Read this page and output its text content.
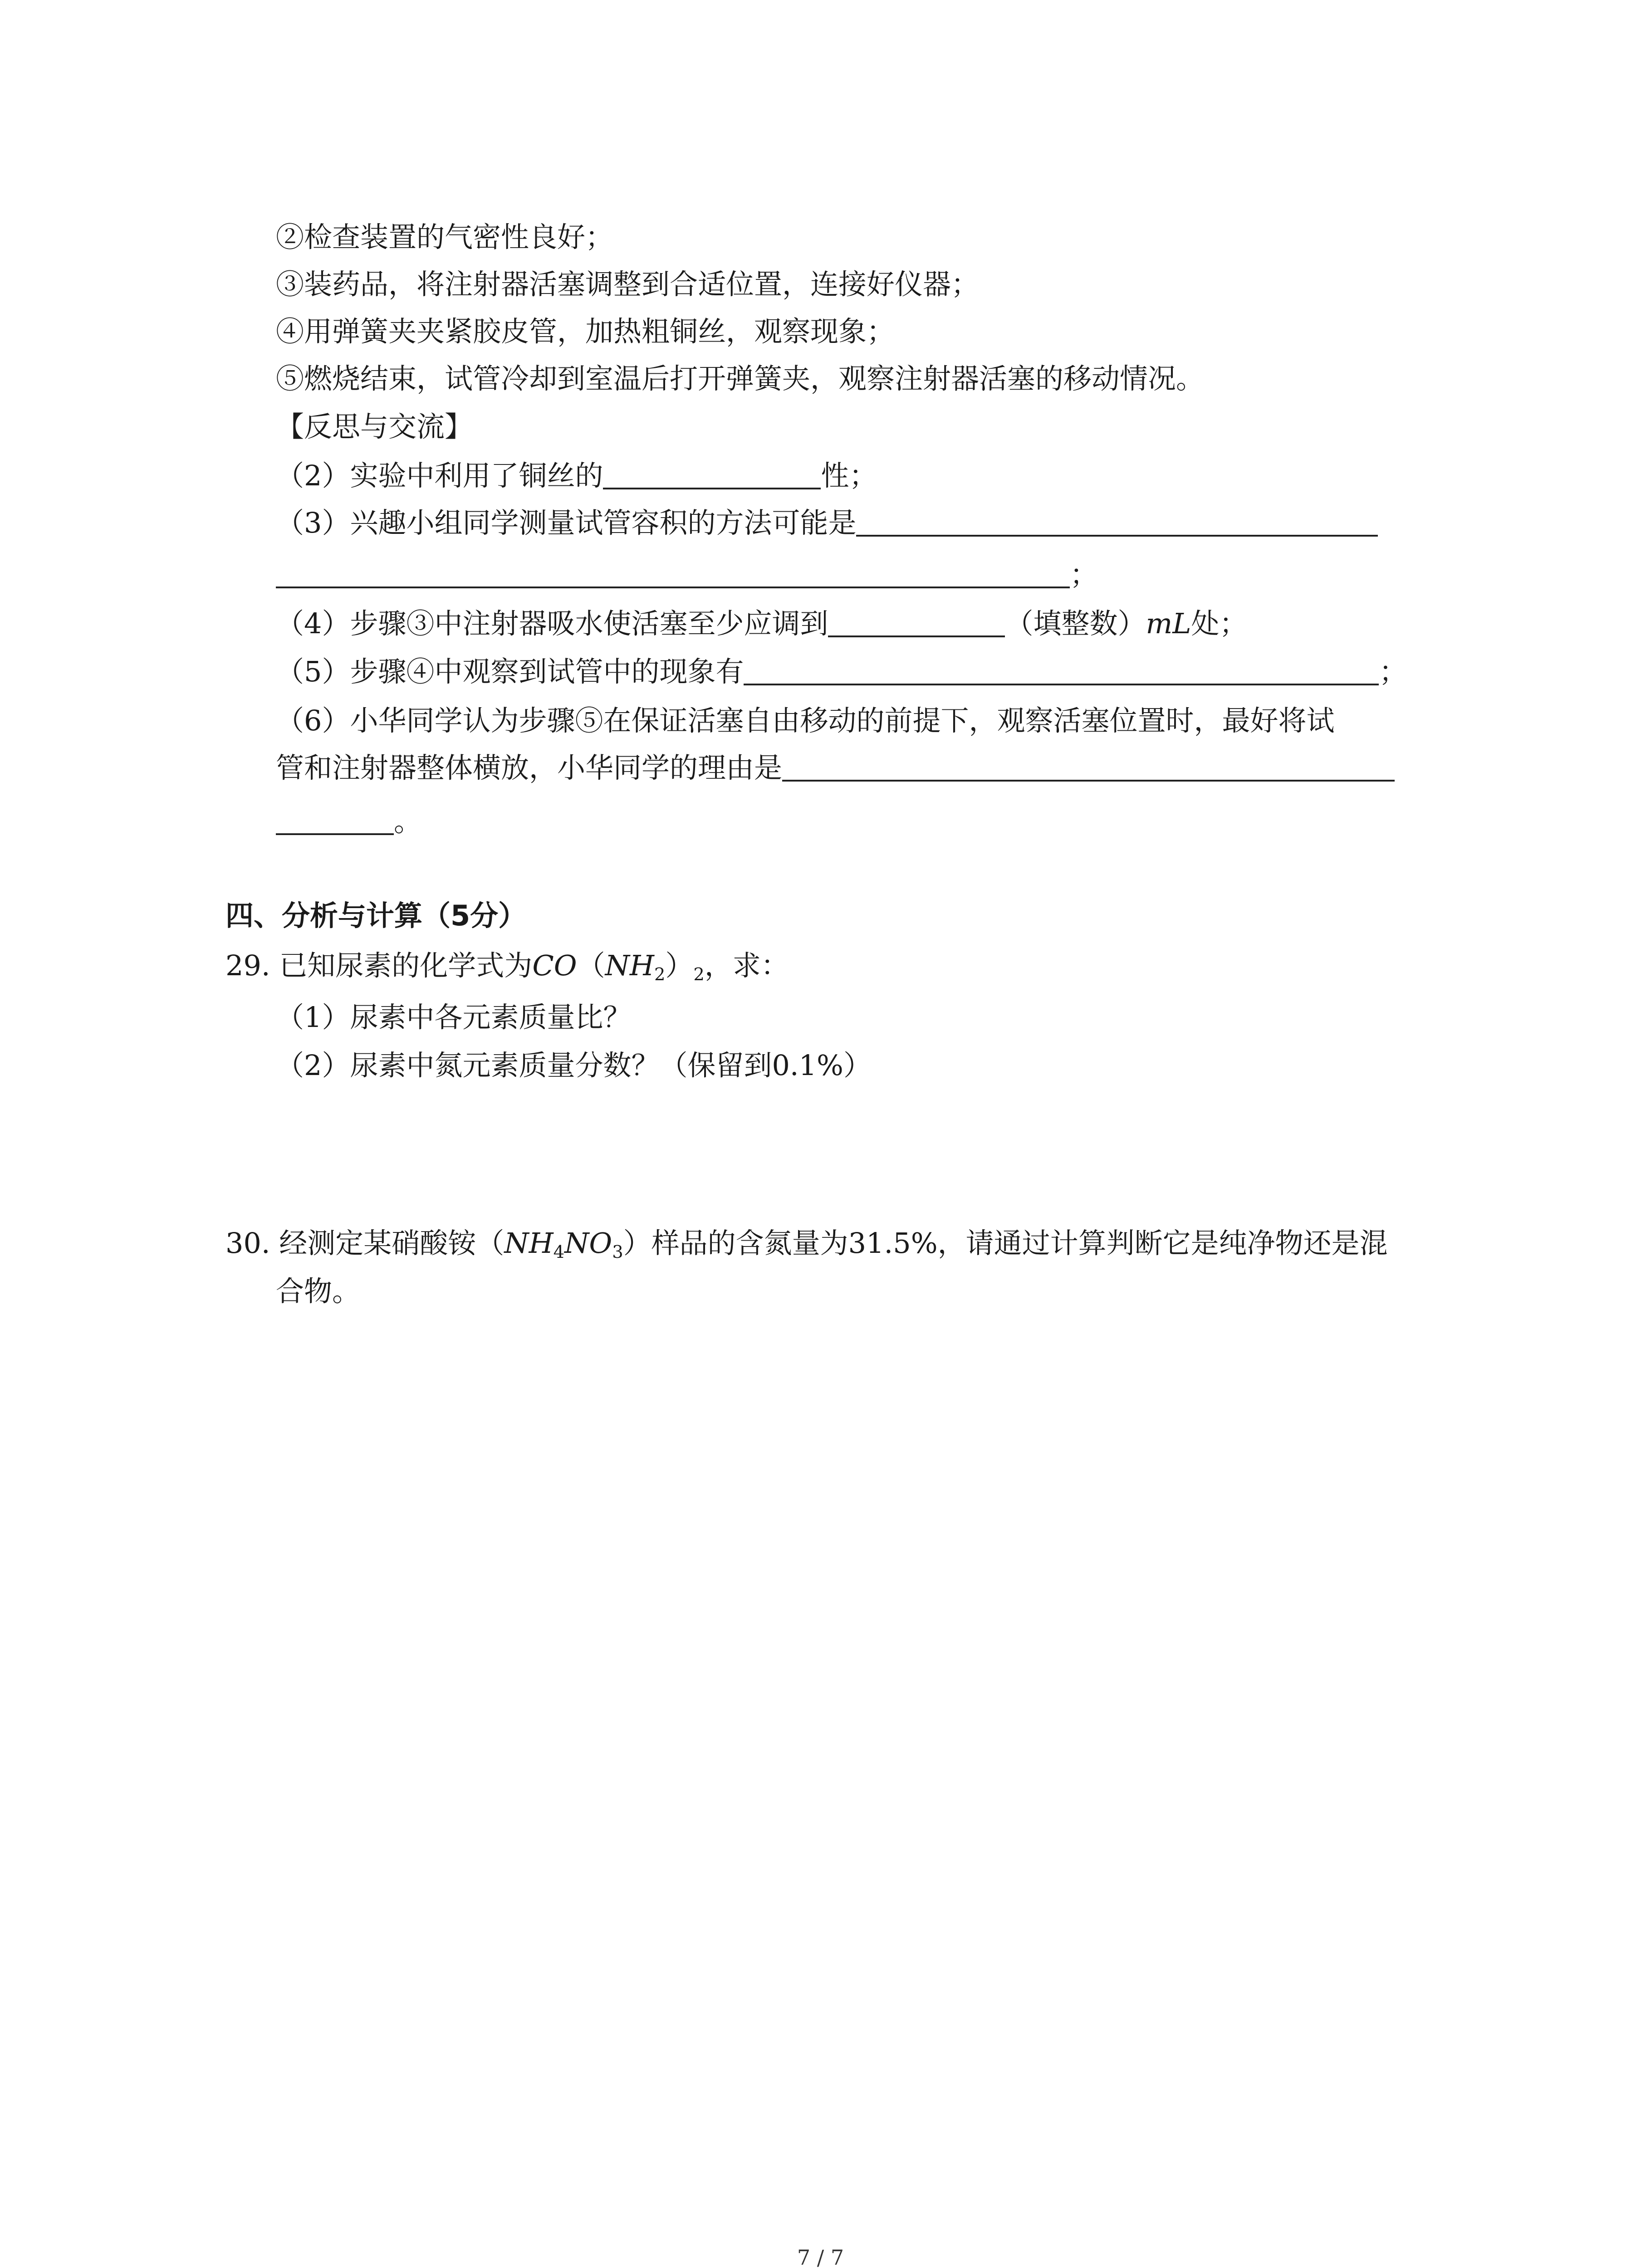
②检查装置的气密性良好；
③装药品，将注射器活塞调整到合适位置，连接好仪器；
④用弹簧夹夹紧胶皮管，加热粗铜丝，观察现象；
⑤燃烧结束，试管冷却到室温后打开弹簧夹，观察注射器活塞的移动情况。
【反思与交流】
（2）实验中利用了铜丝的	性；
（3）兴趣小组同学测量试管容积的方法可能是
；
（4）步骤③中注射器吸水使活塞至少应调到	（填整数）mL处；
（5）步骤④中观察到试管中的现象有	；
（6）小华同学认为步骤⑤在保证活塞自由移动的前提下，观察活塞位置时，最好将试
管和注射器整体横放，小华同学的理由是
。
四、分析与计算（5分）
29. 已知尿素的化学式为$CO(NH_2)_2$，求：
（1）尿素中各元素质量比？
（2）尿素中氮元素质量分数？（保留到0.1%）
30. 经测定某硝酸铵$(NH_4NO_3)$样品的含氮量为31.5%，请通过计算判断它是纯净物还是混
合物。
7 / 7
